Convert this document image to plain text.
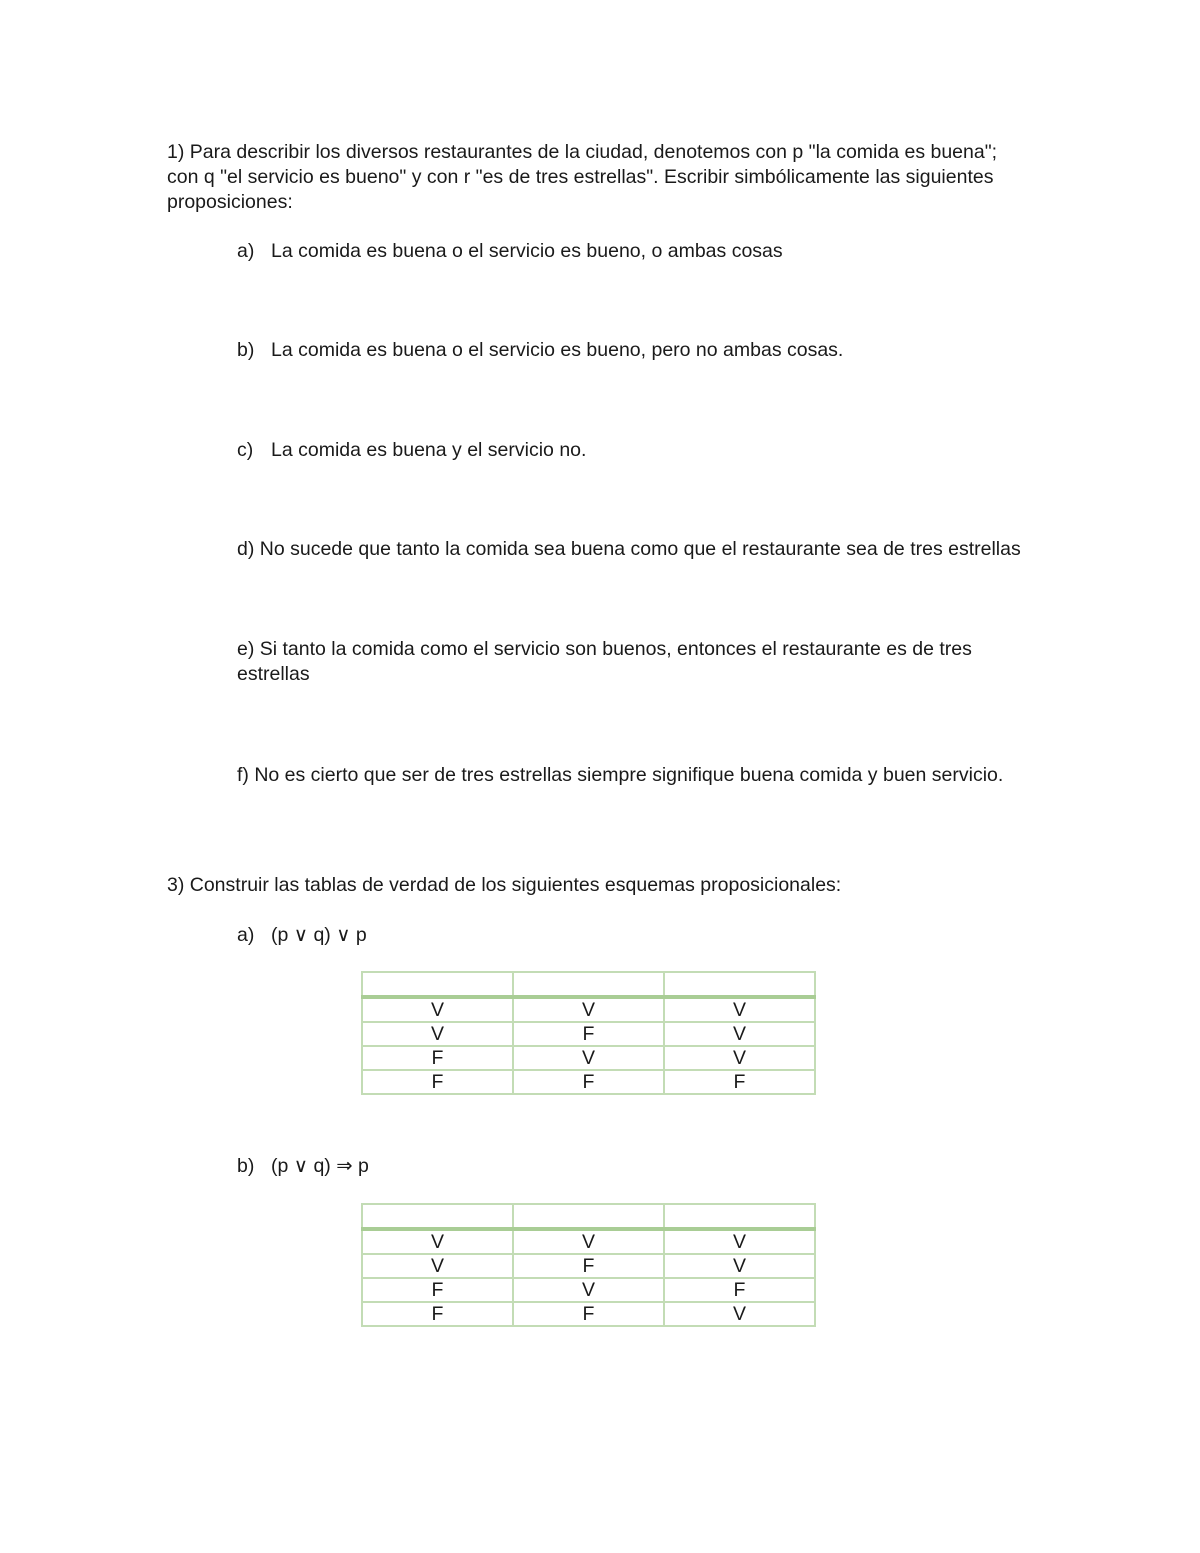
1) Para describir los diversos restaurantes de la ciudad, denotemos con p "la comida es buena"; con q "el servicio es bueno" y con r "es de tres estrellas". Escribir simbólicamente las siguientes proposiciones:

a) La comida es buena o el servicio es bueno, o ambas cosas
b) La comida es buena o el servicio es bueno, pero no ambas cosas.
c) La comida es buena y el servicio no.

d) No sucede que tanto la comida sea buena como que el restaurante sea de tres estrellas

e) Si tanto la comida como el servicio son buenos, entonces el restaurante es de tres estrellas

f) No es cierto que ser de tres estrellas siempre signifique buena comida y buen servicio.

3) Construir las tablas de verdad de los siguientes esquemas proposicionales:

a) (p ∨ q) ∨ p

V	V	V
V	F	V
F	V	V
F	F	F
b) (p ∨ q) ⇒ p

V	V	V
V	F	V
F	V	F
F	F	V
